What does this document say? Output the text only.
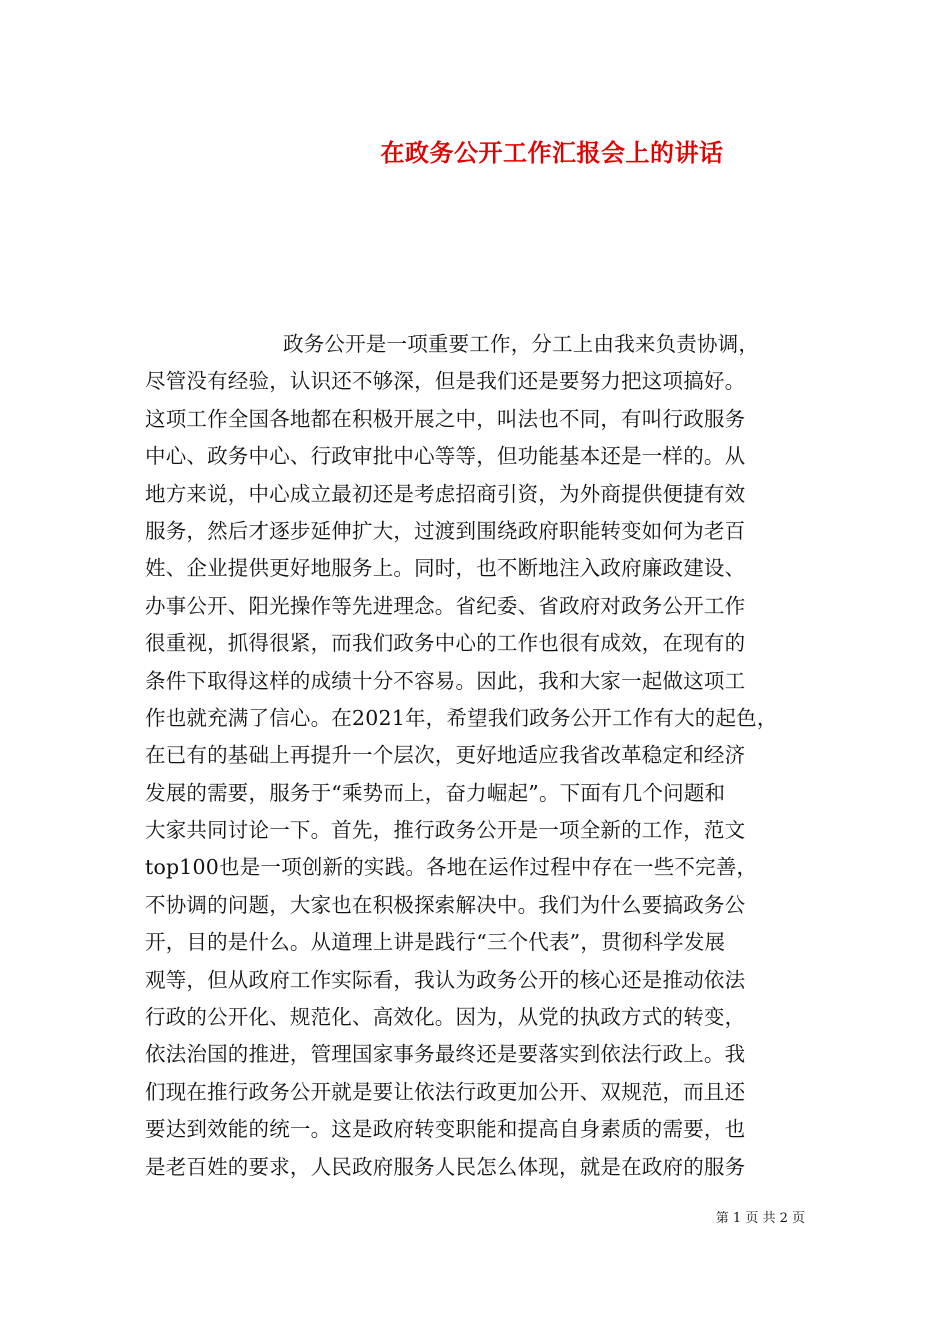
在政务公开工作汇报会上的讲话
政务公开是一项重要工作，分工上由我来负责协调，
尽管没有经验，认识还不够深，但是我们还是要努力把这项搞好。
这项工作全国各地都在积极开展之中，叫法也不同，有叫行政服务
中心、政务中心、行政审批中心等等，但功能基本还是一样的。从
地方来说，中心成立最初还是考虑招商引资，为外商提供便捷有效
服务，然后才逐步延伸扩大，过渡到围绕政府职能转变如何为老百
姓、企业提供更好地服务上。同时，也不断地注入政府廉政建设、
办事公开、阳光操作等先进理念。省纪委、省政府对政务公开工作
很重视，抓得很紧，而我们政务中心的工作也很有成效，在现有的
条件下取得这样的成绩十分不容易。因此，我和大家一起做这项工
作也就充满了信心。在2021年，希望我们政务公开工作有大的起色，
在已有的基础上再提升一个层次，更好地适应我省改革稳定和经济
发展的需要，服务于“乘势而上，奋力崛起”。下面有几个问题和
大家共同讨论一下。首先，推行政务公开是一项全新的工作，范文
top100也是一项创新的实践。各地在运作过程中存在一些不完善，
不协调的问题，大家也在积极探索解决中。我们为什么要搞政务公
开，目的是什么。从道理上讲是践行“三个代表”，贯彻科学发展
观等，但从政府工作实际看，我认为政务公开的核心还是推动依法
行政的公开化、规范化、高效化。因为，从党的执政方式的转变，
依法治国的推进，管理国家事务最终还是要落实到依法行政上。我
们现在推行政务公开就是要让依法行政更加公开、双规范，而且还
要达到效能的统一。这是政府转变职能和提高自身素质的需要，也
是老百姓的要求，人民政府服务人民怎么体现，就是在政府的服务
第 1 页 共 2 页
